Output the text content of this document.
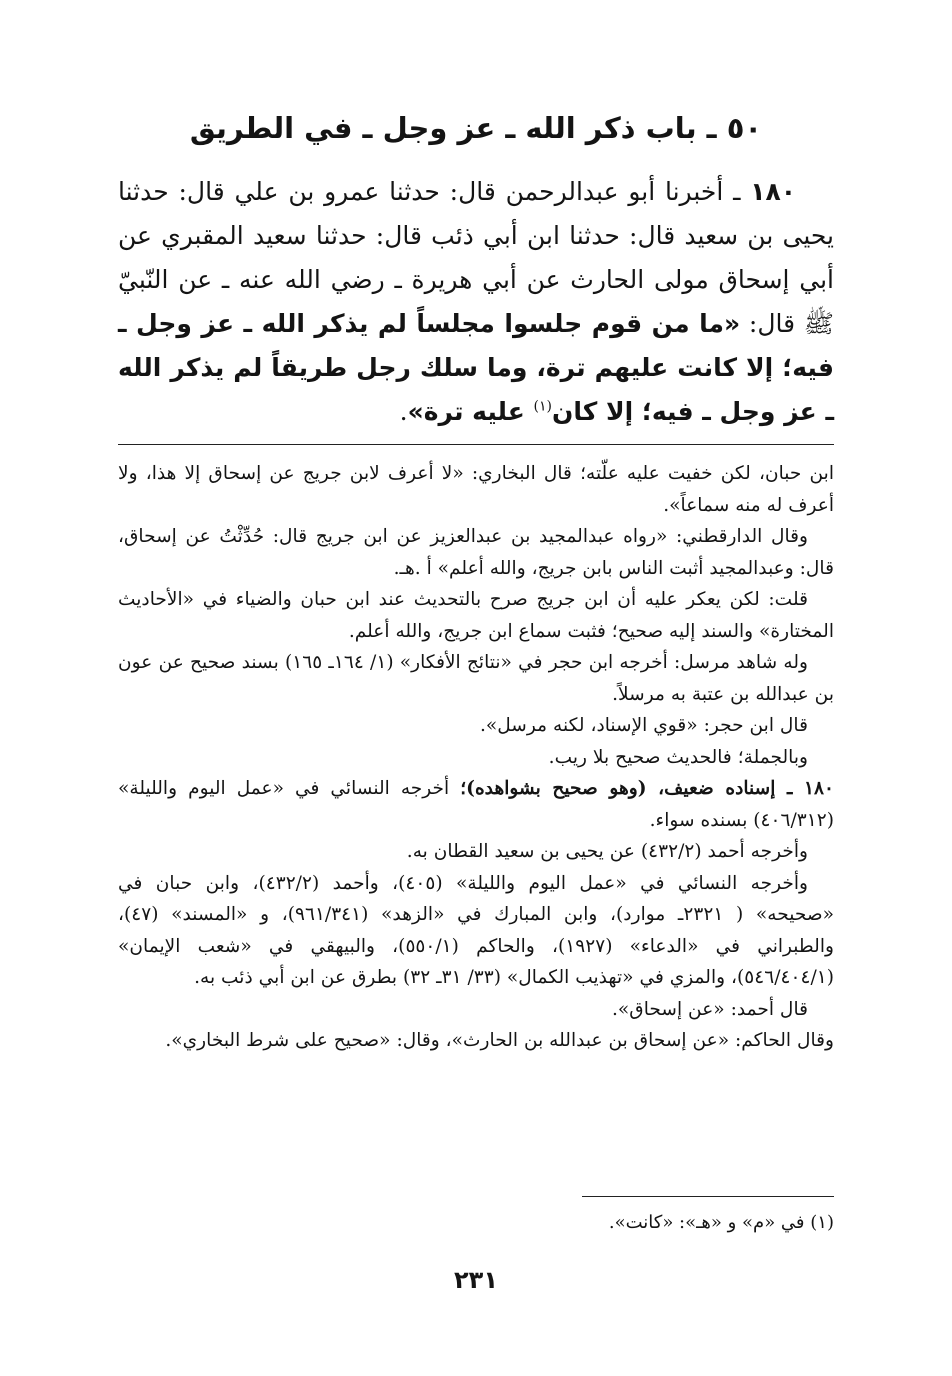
٥٠ ـ باب ذكر الله ـ عز وجل ـ في الطريق

١٨٠ ـ أخبرنا أبو عبدالرحمن قال: حدثنا عمرو بن علي قال: حدثنا يحيى بن سعيد قال: حدثنا ابن أبي ذئب قال: حدثنا سعيد المقبري عن أبي إسحاق مولى الحارث عن أبي هريرة ـ رضي الله عنه ـ عن النّبيّ ﷺ قال: «ما من قوم جلسوا مجلساً لم يذكر الله ـ عز وجل ـ فيه؛ إلا كانت عليهم ترة، وما سلك رجل طريقاً لم يذكر الله ـ عز وجل ـ فيه؛ إلا كان$^{(١)}$ عليه ترة».

ابن حبان، لكن خفيت عليه علّته؛ قال البخاري: «لا أعرف لابن جريج عن إسحاق إلا هذا، ولا أعرف له منه سماعاً».

وقال الدارقطني: «رواه عبدالمجيد بن عبدالعزيز عن ابن جريج قال: حُدِّثْتُ عن إسحاق، قال: وعبدالمجيد أثبت الناس بابن جريج، والله أعلم» أ .هـ.

قلت: لكن يعكر عليه أن ابن جريج صرح بالتحديث عند ابن حبان والضياء في «الأحاديث المختارة» والسند إليه صحيح؛ فثبت سماع ابن جريج، والله أعلم.

وله شاهد مرسل: أخرجه ابن حجر في «نتائج الأفكار» (١/ ١٦٤ـ ١٦٥) بسند صحيح عن عون بن عبدالله بن عتبة به مرسلاً.

قال ابن حجر: «قوي الإسناد، لكنه مرسل».

وبالجملة؛ فالحديث صحيح بلا ريب.

١٨٠ ـ إسناده ضعيف، (وهو صحيح بشواهده)؛ أخرجه النسائي في «عمل اليوم والليلة» (٤٠٦/٣١٢) بسنده سواء.

وأخرجه أحمد (٤٣٢/٢) عن يحيى بن سعيد القطان به.

وأخرجه النسائي في «عمل اليوم والليلة» (٤٠٥)، وأحمد (٤٣٢/٢)، وابن حبان في «صحيحه» ( ٢٣٢١ـ موارد)، وابن المبارك في «الزهد» (٩٦١/٣٤١)، و «المسند» (٤٧)، والطبراني في «الدعاء» (١٩٢٧)، والحاكم (٥٥٠/١)، والبيهقي في «شعب الإيمان» (٥٤٦/٤٠٤/١)، والمزي في «تهذيب الكمال» (٣٣/ ٣١ـ ٣٢) بطرق عن ابن أبي ذئب به.

قال أحمد: «عن إسحاق».

وقال الحاكم: «عن إسحاق بن عبدالله بن الحارث»، وقال: «صحيح على شرط البخاري».

(١) في «م» و «هـ»: «كانت».

٢٣١
